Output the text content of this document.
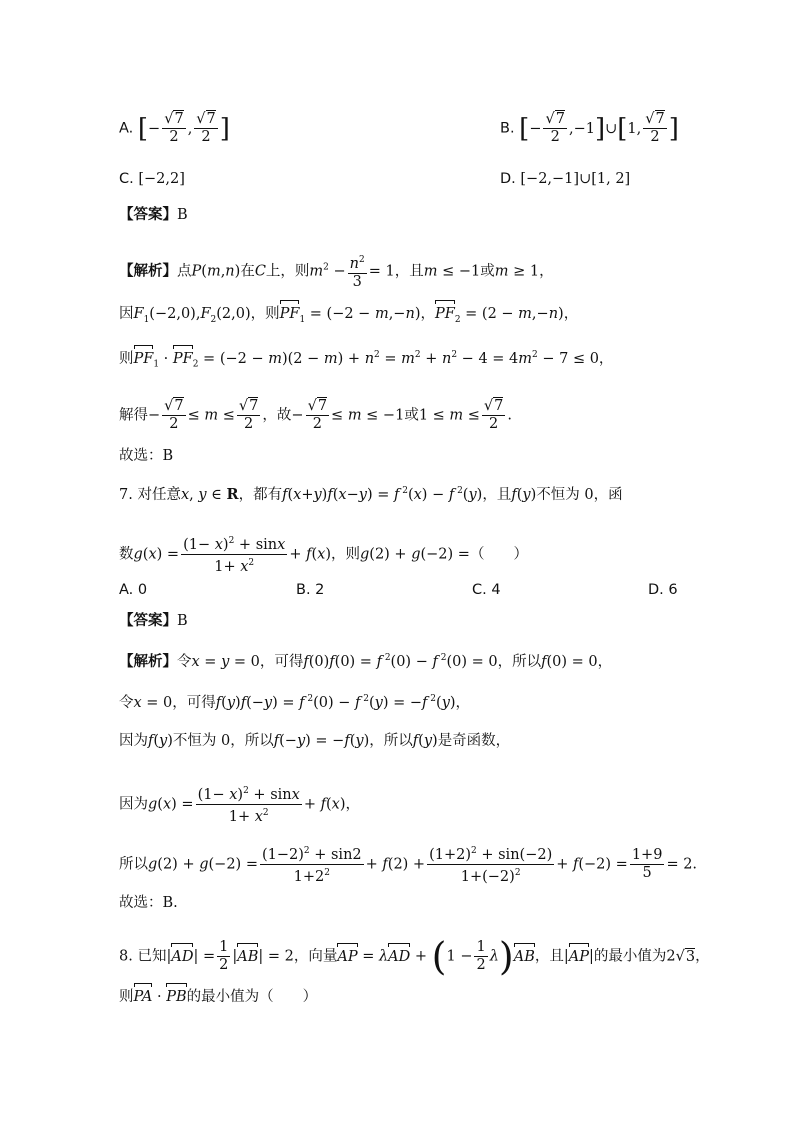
A. [− $\frac{√7}{2}$ , $\frac{√7}{2}$ ]	B. [− $\frac{√7}{2}$ ,−1]∪[1, $\frac{√7}{2}$ ]
C. [−2,2]	D. [−2,−1]∪[1, 2]
【答案】B
【解析】点P(m,n)在C上，则$m^2 - \frac{n^2}{3} = 1$，且m ≤ −1或m ≥ 1，
因$F_1(-2,0),F_2(2,0)$，则$PF_1 = (-2 - m,-n)$，$PF_2 = (2 - m,-n)$，
则$PF_1 \cdot PF_2 = (-2 - m)(2 - m) + n^2 = m^2 + n^2 - 4 = 4m^2 - 7 \le 0$，
解得− $\frac{√7}{2} \le m \le \frac{√7}{2}$ ，故− $\frac{√7}{2} \le m \le -1$或$1 \le m \le \frac{√7}{2}$ .
故选：B
7. 对任意x, y ∈ R，都有f(x+y)f(x−y) = f $^2$(x) − f $^2$(y)，且f(y)不恒为 0，函
数$g(x) = \frac{(1- x)^2 + \sin x}{1+ x^2} + f(x)$，则g(2) + g(−2) =（　　）
A. 0	B. 2	C. 4	D. 6
【答案】B
【解析】令x = y = 0，可得f(0)f(0) = f $^2$(0) − f $^2$(0) = 0，所以f(0) = 0，
令x = 0，可得f(y)f(−y) = f $^2$(0) − f $^2$(y) = −f $^2$(y)，
因为f(y)不恒为 0，所以f(−y) = −f(y)，所以f(y)是奇函数，
因为$g(x) = \frac{(1- x)^2 + \sin x}{1+ x^2} + f(x)$，
所以$g(2) + g(-2) = \frac{(1-2)^2 + \sin 2}{1+2^2} + f(2) + \frac{(1+2)^2 + \sin(-2)}{1+(-2)^2} + f(-2) = \frac{1+9}{5} = 2$.
故选：B.
8. 已知$|AD| = \frac{1}{2} |AB| = 2$，向量AP = $\lambda AD + (1 - \frac{1}{2} \lambda)AB$，且|AP|的最小值为2√3，
则PA · PB的最小值为（　　）
